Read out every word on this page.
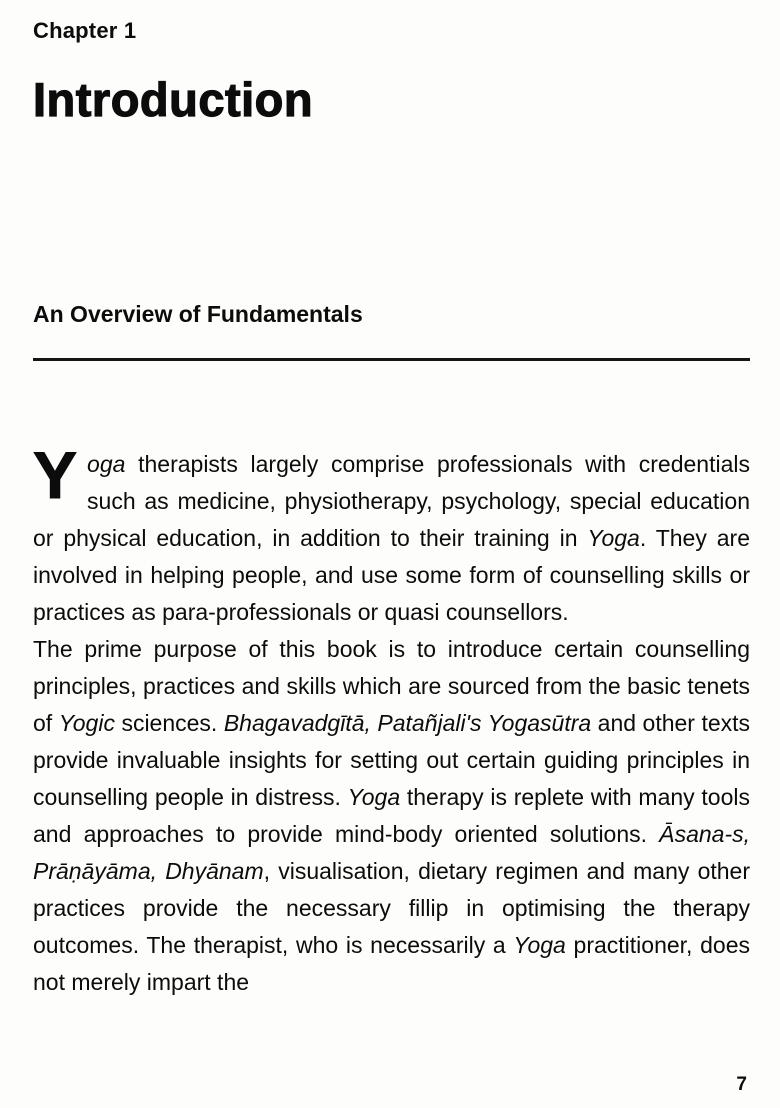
Chapter 1
Introduction
An Overview of Fundamentals

Yoga therapists largely comprise professionals with credentials such as medicine, physiotherapy, psychology, special education or physical education, in addition to their training in Yoga. They are involved in helping people, and use some form of counselling skills or practices as para-professionals or quasi counsellors.

The prime purpose of this book is to introduce certain counselling principles, practices and skills which are sourced from the basic tenets of Yogic sciences. Bhagavadgītā, Patañjali's Yogasūtra and other texts provide invaluable insights for setting out certain guiding principles in counselling people in distress. Yoga therapy is replete with many tools and approaches to provide mind-body oriented solutions. Āsana-s, Prāṇāyāma, Dhyānam, visualisation, dietary regimen and many other practices provide the necessary fillip in optimising the therapy outcomes. The therapist, who is necessarily a Yoga practitioner, does not merely impart the

7
